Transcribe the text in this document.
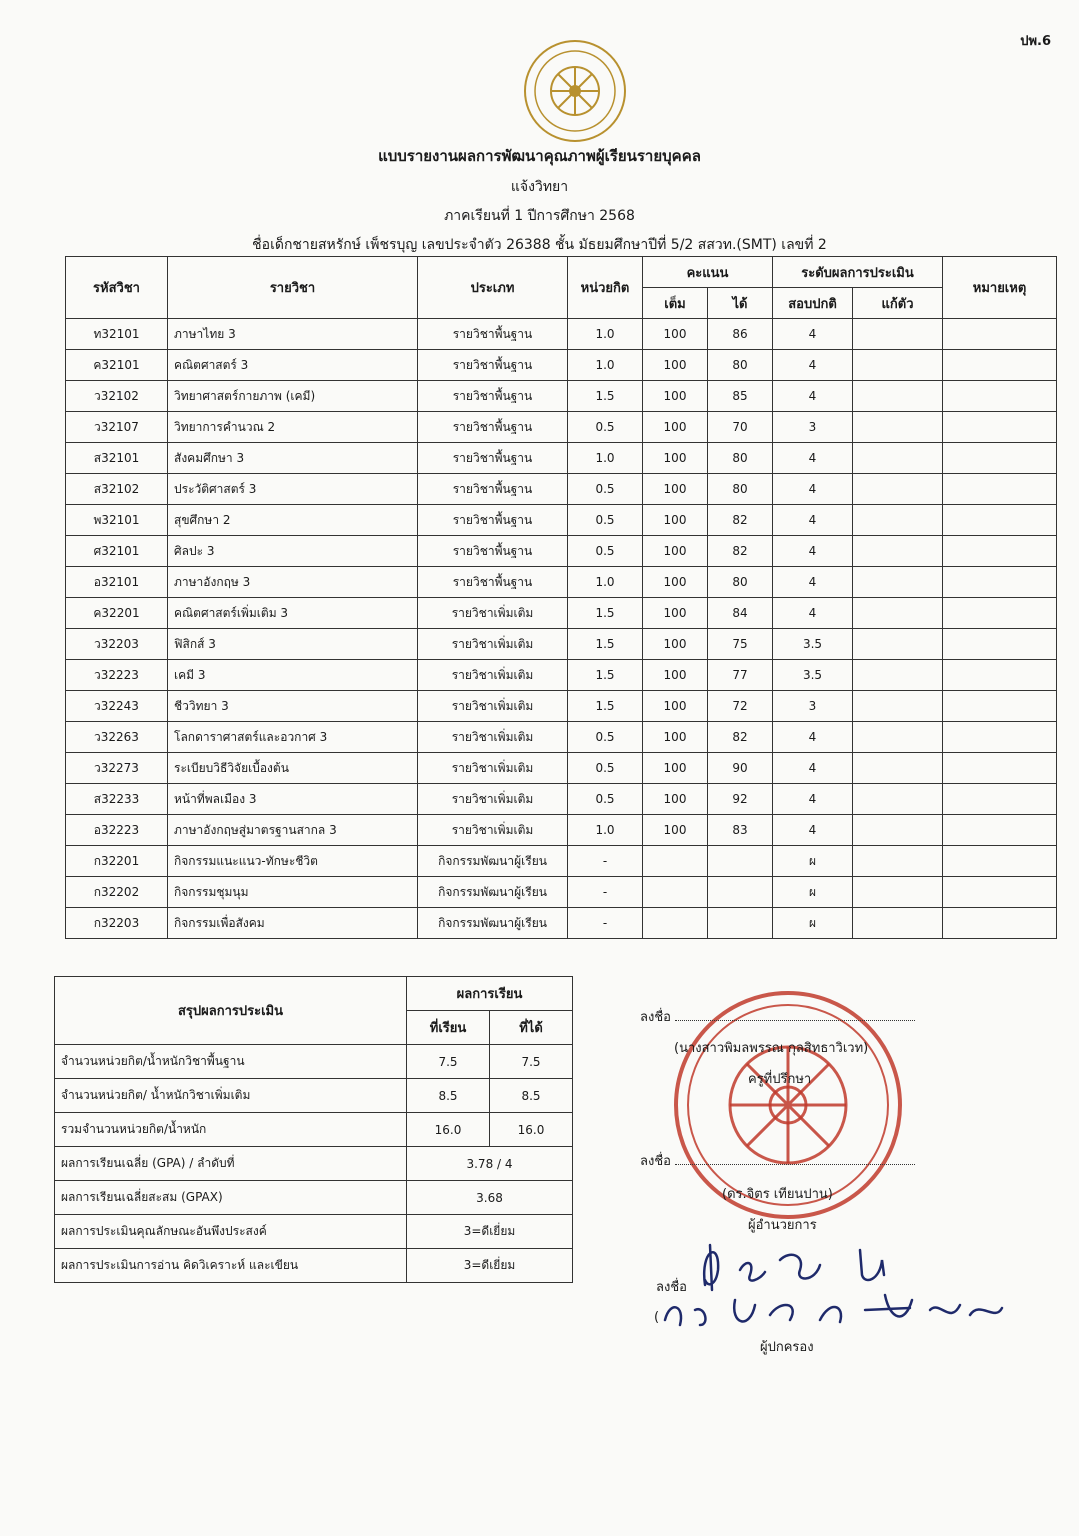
ปพ.6
แบบรายงานผลการพัฒนาคุณภาพผู้เรียนรายบุคคล
แจ้งวิทยา
ภาคเรียนที่ 1 ปีการศึกษา 2568
ชื่อเด็กชายสหรักษ์ เพ็ชรบุญ เลขประจำตัว 26388 ชั้น มัธยมศึกษาปีที่ 5/2 สสวท.(SMT) เลขที่ 2
รหัสวิชา	รายวิชา	ประเภท	หน่วยกิต	คะแนน		ระดับผลการประเมิน		หมายเหตุ
				เต็ม	ได้	สอบปกติ	แก้ตัว	
ท32101	ภาษาไทย 3	รายวิชาพื้นฐาน	1.0	100	86	4		
ค32101	คณิตศาสตร์ 3	รายวิชาพื้นฐาน	1.0	100	80	4		
ว32102	วิทยาศาสตร์กายภาพ (เคมี)	รายวิชาพื้นฐาน	1.5	100	85	4		
ว32107	วิทยาการคำนวณ 2	รายวิชาพื้นฐาน	0.5	100	70	3		
ส32101	สังคมศึกษา 3	รายวิชาพื้นฐาน	1.0	100	80	4		
ส32102	ประวัติศาสตร์ 3	รายวิชาพื้นฐาน	0.5	100	80	4		
พ32101	สุขศึกษา 2	รายวิชาพื้นฐาน	0.5	100	82	4		
ศ32101	ศิลปะ 3	รายวิชาพื้นฐาน	0.5	100	82	4		
อ32101	ภาษาอังกฤษ 3	รายวิชาพื้นฐาน	1.0	100	80	4		
ค32201	คณิตศาสตร์เพิ่มเติม 3	รายวิชาเพิ่มเติม	1.5	100	84	4		
ว32203	ฟิสิกส์ 3	รายวิชาเพิ่มเติม	1.5	100	75	3.5		
ว32223	เคมี 3	รายวิชาเพิ่มเติม	1.5	100	77	3.5		
ว32243	ชีววิทยา 3	รายวิชาเพิ่มเติม	1.5	100	72	3		
ว32263	โลกดาราศาสตร์และอวกาศ 3	รายวิชาเพิ่มเติม	0.5	100	82	4		
ว32273	ระเบียบวิธีวิจัยเบื้องต้น	รายวิชาเพิ่มเติม	0.5	100	90	4		
ส32233	หน้าที่พลเมือง 3	รายวิชาเพิ่มเติม	0.5	100	92	4		
อ32223	ภาษาอังกฤษสู่มาตรฐานสากล 3	รายวิชาเพิ่มเติม	1.0	100	83	4		
ก32201	กิจกรรมแนะแนว-ทักษะชีวิต	กิจกรรมพัฒนาผู้เรียน	-			ผ		
ก32202	กิจกรรมชุมนุม	กิจกรรมพัฒนาผู้เรียน	-			ผ		
ก32203	กิจกรรมเพื่อสังคม	กิจกรรมพัฒนาผู้เรียน	-			ผ		
สรุปผลการประเมิน	ผลการเรียน	
	ที่เรียน	ที่ได้
จำนวนหน่วยกิต/น้ำหนักวิชาพื้นฐาน	7.5	7.5
จำนวนหน่วยกิต/ น้ำหนักวิชาเพิ่มเติม	8.5	8.5
รวมจำนวนหน่วยกิต/น้ำหนัก	16.0	16.0
ผลการเรียนเฉลี่ย (GPA) / ลำดับที่	3.78 / 4	
ผลการเรียนเฉลี่ยสะสม (GPAX)	3.68	
ผลการประเมินคุณลักษณะอันพึงประสงค์	3=ดีเยี่ยม	
ผลการประเมินการอ่าน คิดวิเคราะห์ และเขียน	3=ดีเยี่ยม	
ลงชื่อ
(นางสาวพิมลพรรณ กุลสิทธาวิเวท)
ครูที่ปรึกษา
ลงชื่อ
(ดร.จิตร เทียนปาน)
ผู้อำนวยการ
ลงชื่อ
(
ผู้ปกครอง
